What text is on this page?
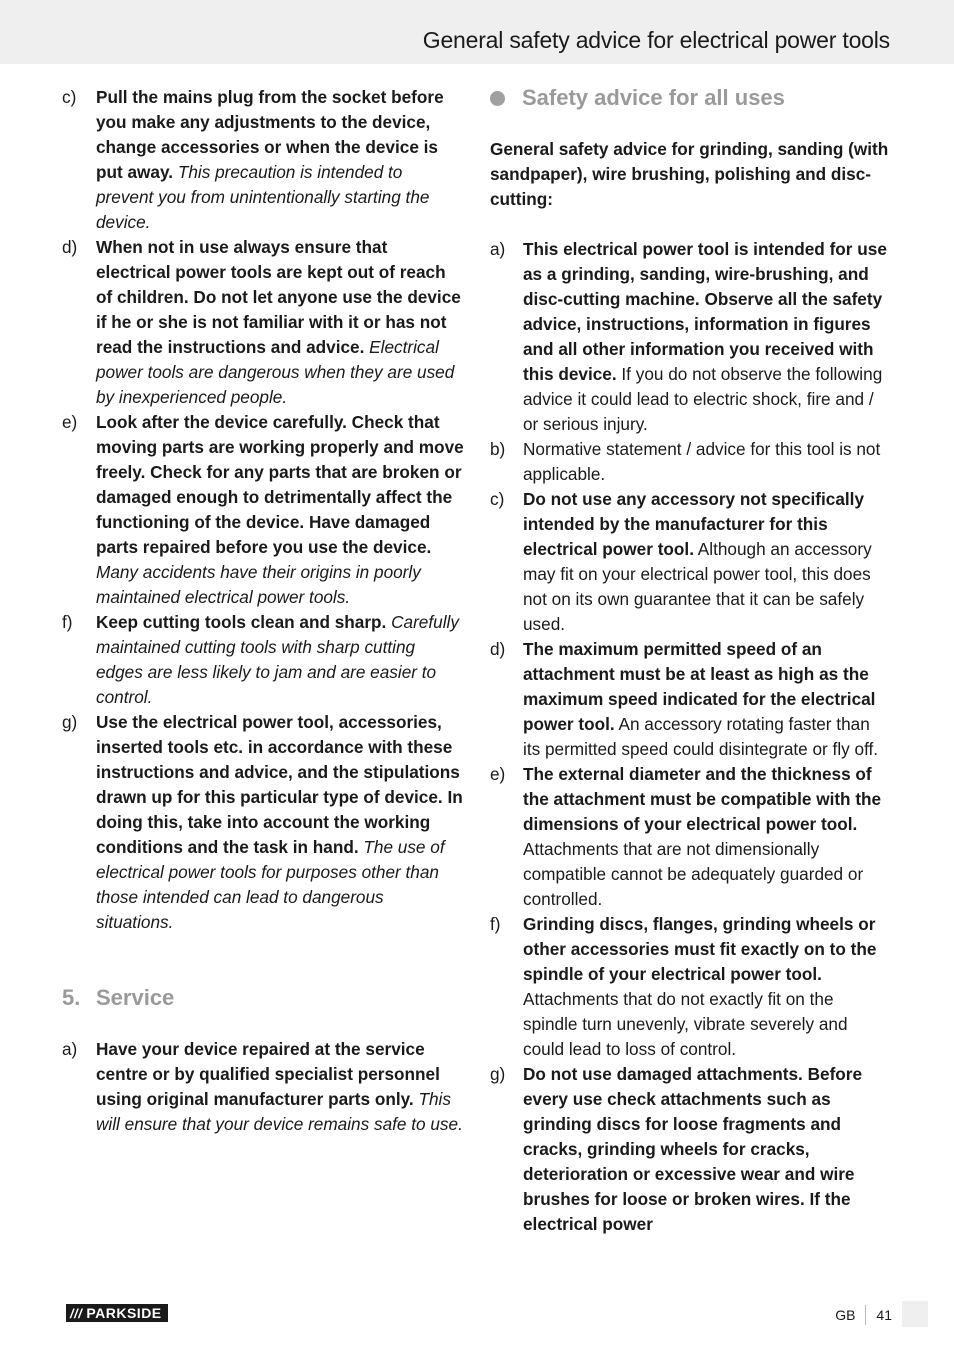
General safety advice for electrical power tools
c)	Pull the mains plug from the socket before you make any adjustments to the device, change accessories or when the device is put away. This precaution is intended to prevent you from unintentionally starting the device.
d)	When not in use always ensure that electrical power tools are kept out of reach of children. Do not let anyone use the device if he or she is not familiar with it or has not read the instructions and advice. Electrical power tools are dangerous when they are used by inexperienced people.
e)	Look after the device carefully. Check that moving parts are working properly and move freely. Check for any parts that are broken or damaged enough to detrimentally affect the functioning of the device. Have damaged parts repaired before you use the device. Many accidents have their origins in poorly maintained electrical power tools.
f)	Keep cutting tools clean and sharp. Carefully maintained cutting tools with sharp cutting edges are less likely to jam and are easier to control.
g)	Use the electrical power tool, accessories, inserted tools etc. in accordance with these instructions and advice, and the stipulations drawn up for this particular type of device. In doing this, take into account the working conditions and the task in hand. The use of electrical power tools for purposes other than those intended can lead to dangerous situations.
5. Service
a)	Have your device repaired at the service centre or by qualified specialist personnel using original manufacturer parts only. This will ensure that your device remains safe to use.
Safety advice for all uses
General safety advice for grinding, sanding (with sandpaper), wire brushing, polishing and disc-cutting:
a)	This electrical power tool is intended for use as a grinding, sanding, wire-brushing, and disc-cutting machine. Observe all the safety advice, instructions, information in figures and all other information you received with this device. If you do not observe the following advice it could lead to electric shock, fire and / or serious injury.
b)	Normative statement / advice for this tool is not applicable.
c)	Do not use any accessory not specifically intended by the manufacturer for this electrical power tool. Although an accessory may fit on your electrical power tool, this does not on its own guarantee that it can be safely used.
d)	The maximum permitted speed of an attachment must be at least as high as the maximum speed indicated for the electrical power tool. An accessory rotating faster than its permitted speed could disintegrate or fly off.
e)	The external diameter and the thickness of the attachment must be compatible with the dimensions of your electrical power tool. Attachments that are not dimensionally compatible cannot be adequately guarded or controlled.
f)	Grinding discs, flanges, grinding wheels or other accessories must fit exactly on to the spindle of your electrical power tool. Attachments that do not exactly fit on the spindle turn unevenly, vibrate severely and could lead to loss of control.
g)	Do not use damaged attachments. Before every use check attachments such as grinding discs for loose fragments and cracks, grinding wheels for cracks, deterioration or excessive wear and wire brushes for loose or broken wires. If the electrical power
/// PARKSIDE	GB 41
